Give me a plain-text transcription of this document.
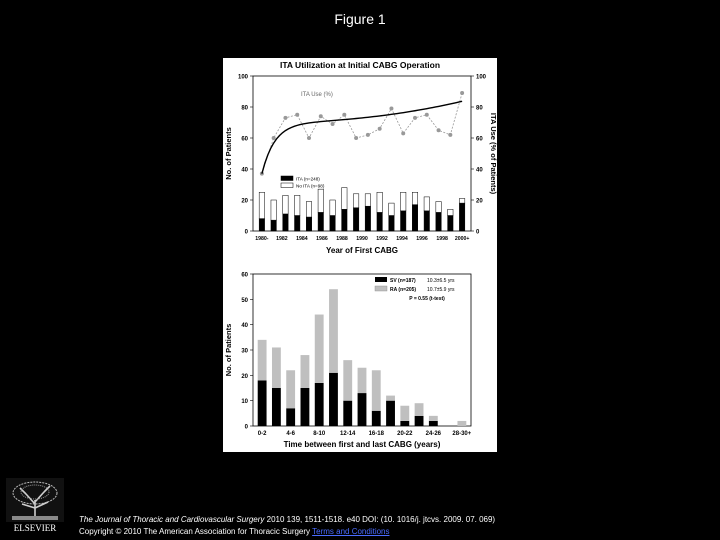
Figure 1
ITA Utilization at Initial CABG Operation
0
20
40
60
80
100
0
20
40
60
80
100
No. of Patients	ITA Use (% of Patients)
ITA Use (%)
ITA (n=248)
No ITA (n=98)
1980- 1982 1984 1986 1988 1990 1992 1994 1996 1998 2000+
Year of First CABG
0
10
20
30
40
50
60
No. of Patients
0-2	4-6	8-10 12-14 16-18 20-22 24-26 28-30+
Time between first and last CABG (years)
SV (n=187) 10.3±6.5 yrs
RA (n=205) 10.7±5.9 yrs
P = 0.55 (t-test)
ELSEVIER
The Journal of Thoracic and Cardiovascular Surgery 2010 139, 1511-1518. e40 DOI: (10. 1016/j. jtcvs. 2009. 07. 069)
Copyright © 2010 The American Association for Thoracic Surgery Terms and Conditions
